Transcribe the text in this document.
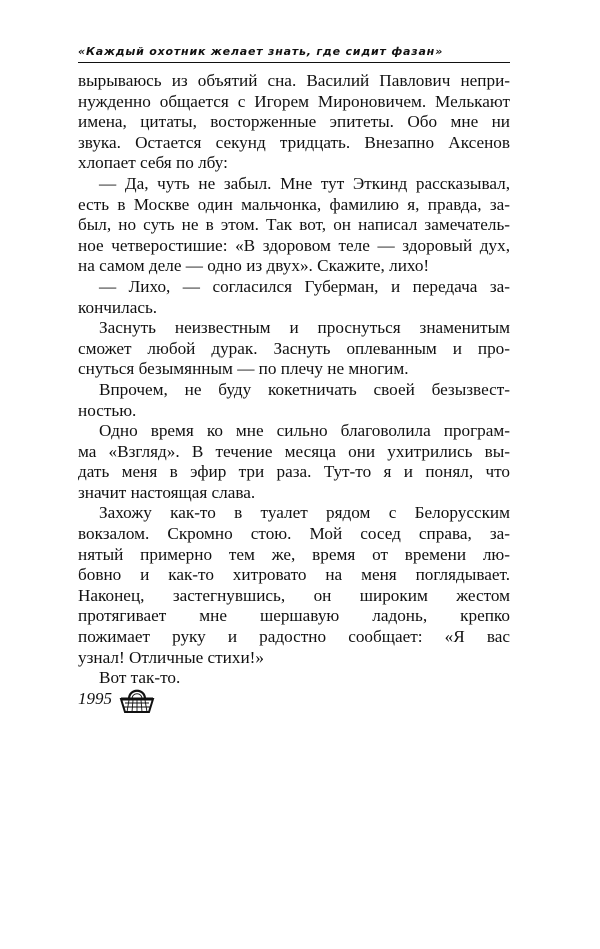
«Каждый охотник желает знать, где сидит фазан»
вырываюсь из объятий сна. Василий Павлович непри-
нужденно общается с Игорем Мироновичем. Мелькают
имена, цитаты, восторженные эпитеты. Обо мне ни
звука. Остается секунд тридцать. Внезапно Аксенов
хлопает себя по лбу:
— Да, чуть не забыл. Мне тут Эткинд рассказывал,
есть в Москве один мальчонка, фамилию я, правда, за-
был, но суть не в этом. Так вот, он написал замечатель-
ное четверостишие: «В здоровом теле — здоровый дух,
на самом деле — одно из двух». Скажите, лихо!
— Лихо, — согласился Губерман, и передача за-
кончилась.
Заснуть неизвестным и проснуться знаменитым
сможет любой дурак. Заснуть оплеванным и про-
снуться безымянным — по плечу не многим.
Впрочем, не буду кокетничать своей безызвест-
ностью.
Одно время ко мне сильно благоволила програм-
ма «Взгляд». В течение месяца они ухитрились вы-
дать меня в эфир три раза. Тут-то я и понял, что
значит настоящая слава.
Захожу как-то в туалет рядом с Белорусским
вокзалом. Скромно стою. Мой сосед справа, за-
нятый примерно тем же, время от времени лю-
бовно и как-то хитровато на меня поглядывает.
Наконец, застегнувшись, он широким жестом
протягивает мне шершавую ладонь, крепко
пожимает руку и радостно сообщает: «Я вас
узнал! Отличные стихи!»
Вот так-то.
1995
